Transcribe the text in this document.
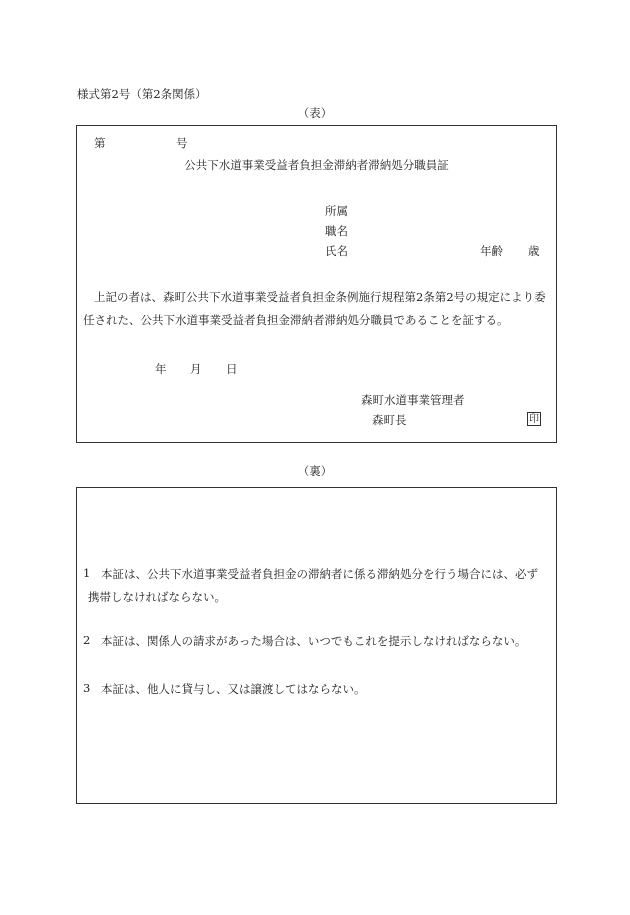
様式第2号（第2条関係）
（表）
第	号
公共下水道事業受益者負担金滞納者滞納処分職員証
所属
職名
氏名	年齢 歳
上記の者は、森町公共下水道事業受益者負担金条例施行規程第2条第2号の規定により委
任された、公共下水道事業受益者負担金滞納者滞納処分職員であることを証する。
年 月 日
森町水道事業管理者
森町長	印
（裏）
1 本証は、公共下水道事業受益者負担金の滞納者に係る滞納処分を行う場合には、必ず
携帯しなければならない。
2 本証は、関係人の請求があった場合は、いつでもこれを提示しなければならない。
3 本証は、他人に貸与し、又は譲渡してはならない。
